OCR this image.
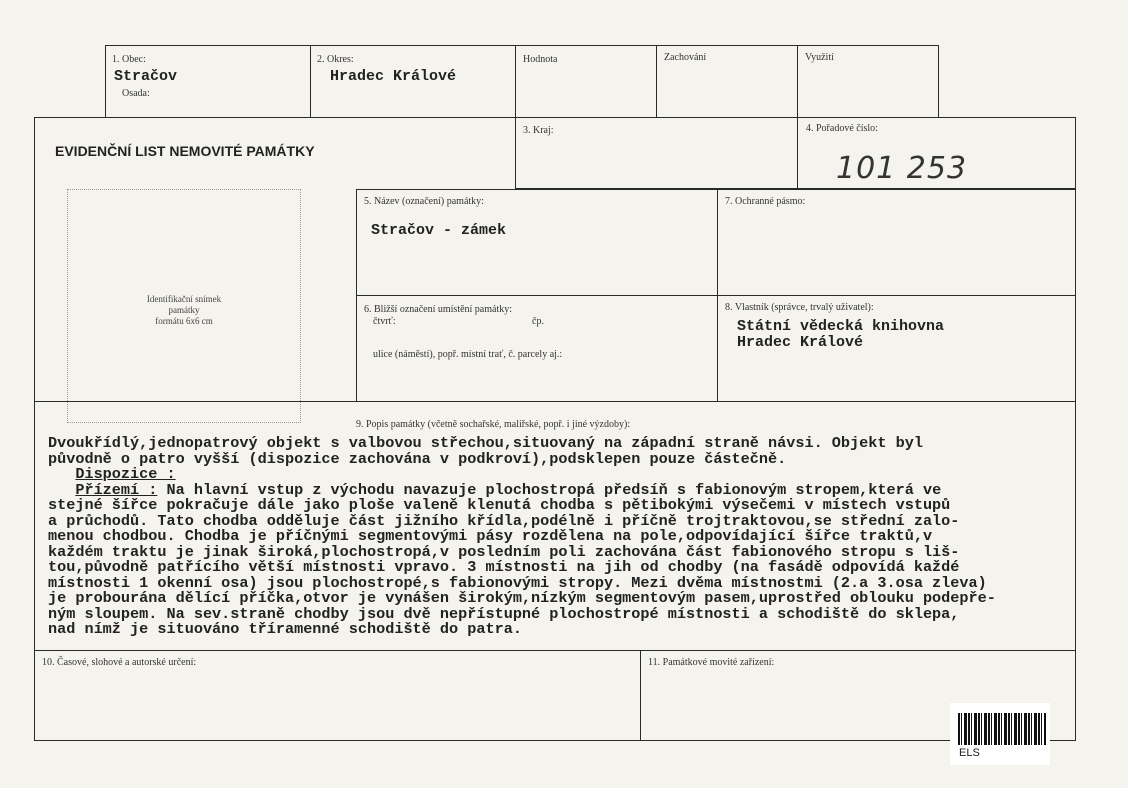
1. Obec:
Stračov
Osada:
2. Okres:
Hradec Králové
Hodnota	Zachování	Využití
EVIDENČNÍ LIST NEMOVITÉ PAMÁTKY
3. Kraj:	4. Pořadové číslo:
101 253
Identifikační snímek
památky
formátu 6x6 cm
5. Název (označení) památky:
Stračov - zámek
7. Ochranné pásmo:
6. Bližší označení umístění památky:
čtvrť:	čp.
ulice (náměstí), popř. místní trať, č. parcely aj.:
8. Vlastník (správce, trvalý uživatel):
Státní vědecká knihovna
Hradec Králové
9. Popis památky (včetně sochařské, malířské, popř. i jiné výzdoby):
Dvoukřídlý,jednopatrový objekt s valbovou střechou,situovaný na západní straně návsi. Objekt byl
původně o patro vyšší (dispozice zachována v podkroví),podsklepen pouze částečně.
Dispozice :
Přízemí : Na hlavní vstup z východu navazuje plochostropá předsíň s fabionovým stropem,která ve
stejné šířce pokračuje dále jako ploše valeně klenutá chodba s pětibokými výsečemi v místech vstupů
a průchodů. Tato chodba odděluje část jižního křídla,podélně i příčně trojtraktovou,se střední zalo-
menou chodbou. Chodba je příčnými segmentovými pásy rozdělena na pole,odpovídající šířce traktů,v
každém traktu je jinak široká,plochostropá,v posledním poli zachována část fabionového stropu s liš-
tou,původně patřícího větší místnosti vpravo. 3 místnosti na jih od chodby (na fasádě odpovídá každé
místnosti 1 okenní osa) jsou plochostropé,s fabionovými stropy. Mezi dvěma místnostmi (2.a 3.osa zleva)
je probourána dělící příčka,otvor je vynášen širokým,nízkým segmentovým pasem,uprostřed oblouku podepře-
ným sloupem. Na sev.straně chodby jsou dvě nepřístupné plochostropé místnosti a schodiště do sklepa,
nad nímž je situováno tříramenné schodiště do patra.
10. Časové, slohové a autorské určení:	11. Památkové movité zařízení:
ELS
